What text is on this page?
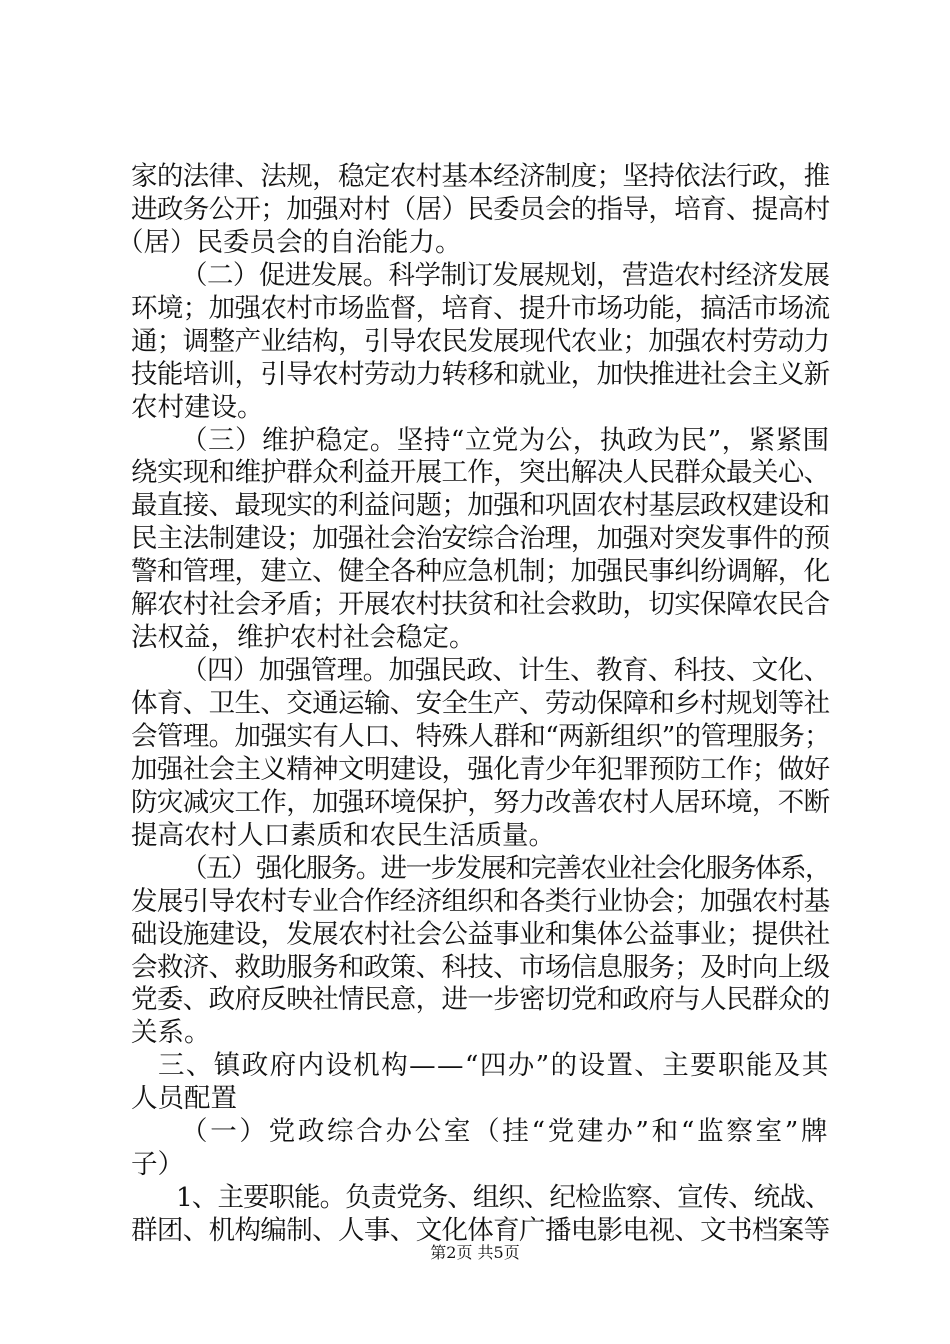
家的法律、法规，稳定农村基本经济制度；坚持依法行政，推
进政务公开；加强对村（居）民委员会的指导，培育、提高村
（居）民委员会的自治能力。
（二）促进发展。科学制订发展规划，营造农村经济发展
环境；加强农村市场监督，培育、提升市场功能，搞活市场流
通；调整产业结构，引导农民发展现代农业；加强农村劳动力
技能培训，引导农村劳动力转移和就业，加快推进社会主义新
农村建设。
（三）维护稳定。坚持“立党为公，执政为民”，紧紧围
绕实现和维护群众利益开展工作，突出解决人民群众最关心、
最直接、最现实的利益问题；加强和巩固农村基层政权建设和
民主法制建设；加强社会治安综合治理，加强对突发事件的预
警和管理，建立、健全各种应急机制；加强民事纠纷调解，化
解农村社会矛盾；开展农村扶贫和社会救助，切实保障农民合
法权益，维护农村社会稳定。
（四）加强管理。加强民政、计生、教育、科技、文化、
体育、卫生、交通运输、安全生产、劳动保障和乡村规划等社
会管理。加强实有人口、特殊人群和“两新组织”的管理服务；
加强社会主义精神文明建设，强化青少年犯罪预防工作；做好
防灾减灾工作，加强环境保护，努力改善农村人居环境，不断
提高农村人口素质和农民生活质量。
（五）强化服务。进一步发展和完善农业社会化服务体系，
发展引导农村专业合作经济组织和各类行业协会；加强农村基
础设施建设，发展农村社会公益事业和集体公益事业；提供社
会救济、救助服务和政策、科技、市场信息服务；及时向上级
党委、政府反映社情民意，进一步密切党和政府与人民群众的
关系。
三、镇政府内设机构——“四办”的设置、主要职能及其
人员配置
（一）党政综合办公室（挂“党建办”和“监察室”牌
子）
1、主要职能。负责党务、组织、纪检监察、宣传、统战、
群团、机构编制、人事、文化体育广播电影电视、文书档案等
第2页 共5页
